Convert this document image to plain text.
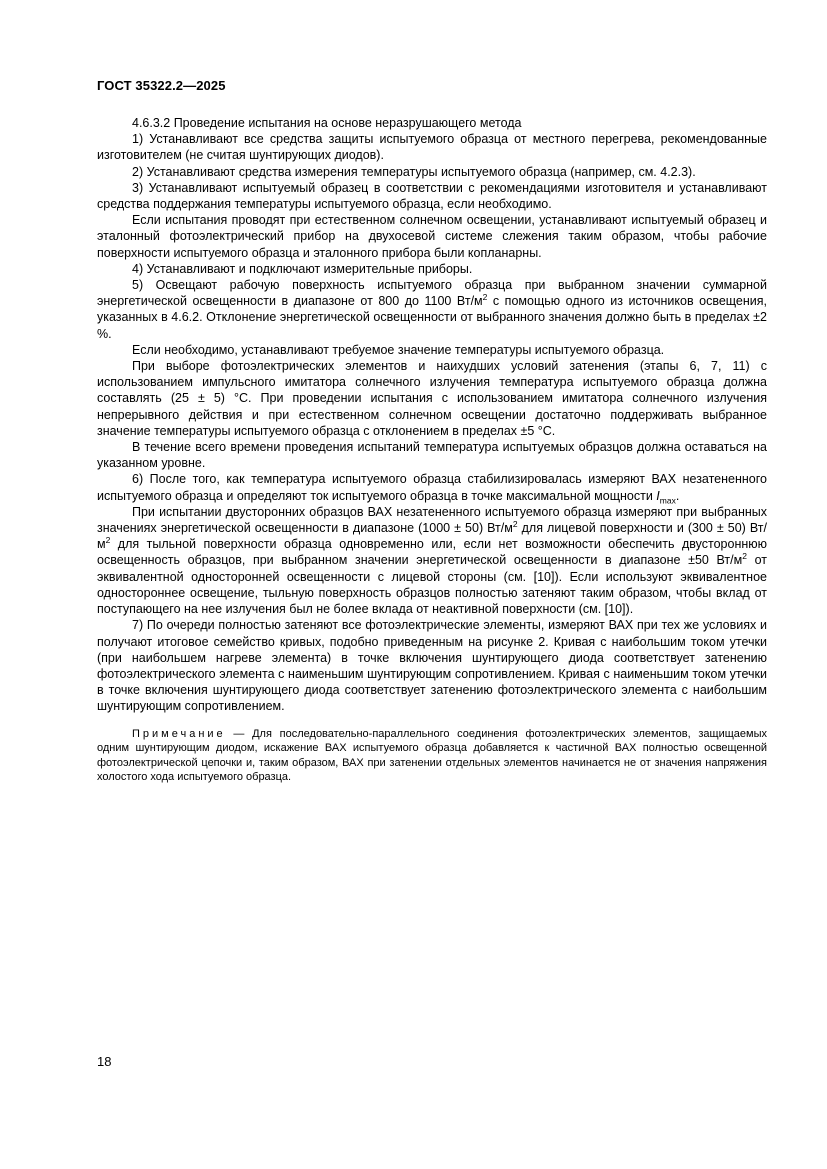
ГОСТ 35322.2—2025

4.6.3.2 Проведение испытания на основе неразрушающего метода

1) Устанавливают все средства защиты испытуемого образца от местного перегрева, рекомендованные изготовителем (не считая шунтирующих диодов).

2) Устанавливают средства измерения температуры испытуемого образца (например, см. 4.2.3).

3) Устанавливают испытуемый образец в соответствии с рекомендациями изготовителя и устанавливают средства поддержания температуры испытуемого образца, если необходимо.

Если испытания проводят при естественном солнечном освещении, устанавливают испытуемый образец и эталонный фотоэлектрический прибор на двухосевой системе слежения таким образом, чтобы рабочие поверхности испытуемого образца и эталонного прибора были копланарны.

4) Устанавливают и подключают измерительные приборы.

5) Освещают рабочую поверхность испытуемого образца при выбранном значении суммарной энергетической освещенности в диапазоне от 800 до 1100 $Вт/м^2$ с помощью одного из источников освещения, указанных в 4.6.2. Отклонение энергетической освещенности от выбранного значения должно быть в пределах ±2 %.

Если необходимо, устанавливают требуемое значение температуры испытуемого образца.

При выборе фотоэлектрических элементов и наихудших условий затенения (этапы 6, 7, 11) с использованием импульсного имитатора солнечного излучения температура испытуемого образца должна составлять (25 ± 5) °С. При проведении испытания с использованием имитатора солнечного излучения непрерывного действия и при естественном солнечном освещении достаточно поддерживать выбранное значение температуры испытуемого образца с отклонением в пределах ±5 °С.

В течение всего времени проведения испытаний температура испытуемых образцов должна оставаться на указанном уровне.

6) После того, как температура испытуемого образца стабилизировалась измеряют ВАХ незатененного испытуемого образца и определяют ток испытуемого образца в точке максимальной мощности $I_{max}$.

При испытании двусторонних образцов ВАХ незатененного испытуемого образца измеряют при выбранных значениях энергетической освещенности в диапазоне (1000 ± 50) $Вт/м^2$ для лицевой поверхности и (300 ± 50) $Вт/м^2$ для тыльной поверхности образца одновременно или, если нет возможности обеспечить двустороннюю освещенность образцов, при выбранном значении энергетической освещенности в диапазоне ±50 $Вт/м^2$ от эквивалентной односторонней освещенности с лицевой стороны (см. [10]). Если используют эквивалентное одностороннее освещение, тыльную поверхность образцов полностью затеняют таким образом, чтобы вклад от поступающего на нее излучения был не более вклада от неактивной поверхности (см. [10]).

7) По очереди полностью затеняют все фотоэлектрические элементы, измеряют ВАХ при тех же условиях и получают итоговое семейство кривых, подобно приведенным на рисунке 2. Кривая с наибольшим током утечки (при наибольшем нагреве элемента) в точке включения шунтирующего диода соответствует затенению фотоэлектрического элемента с наименьшим шунтирующим сопротивлением. Кривая с наименьшим током утечки в точке включения шунтирующего диода соответствует затенению фотоэлектрического элемента с наибольшим шунтирующим сопротивлением.

Примечание — Для последовательно-параллельного соединения фотоэлектрических элементов, защищаемых одним шунтирующим диодом, искажение ВАХ испытуемого образца добавляется к частичной ВАХ полностью освещенной фотоэлектрической цепочки и, таким образом, ВАХ при затенении отдельных элементов начинается не от значения напряжения холостого хода испытуемого образца.

18
